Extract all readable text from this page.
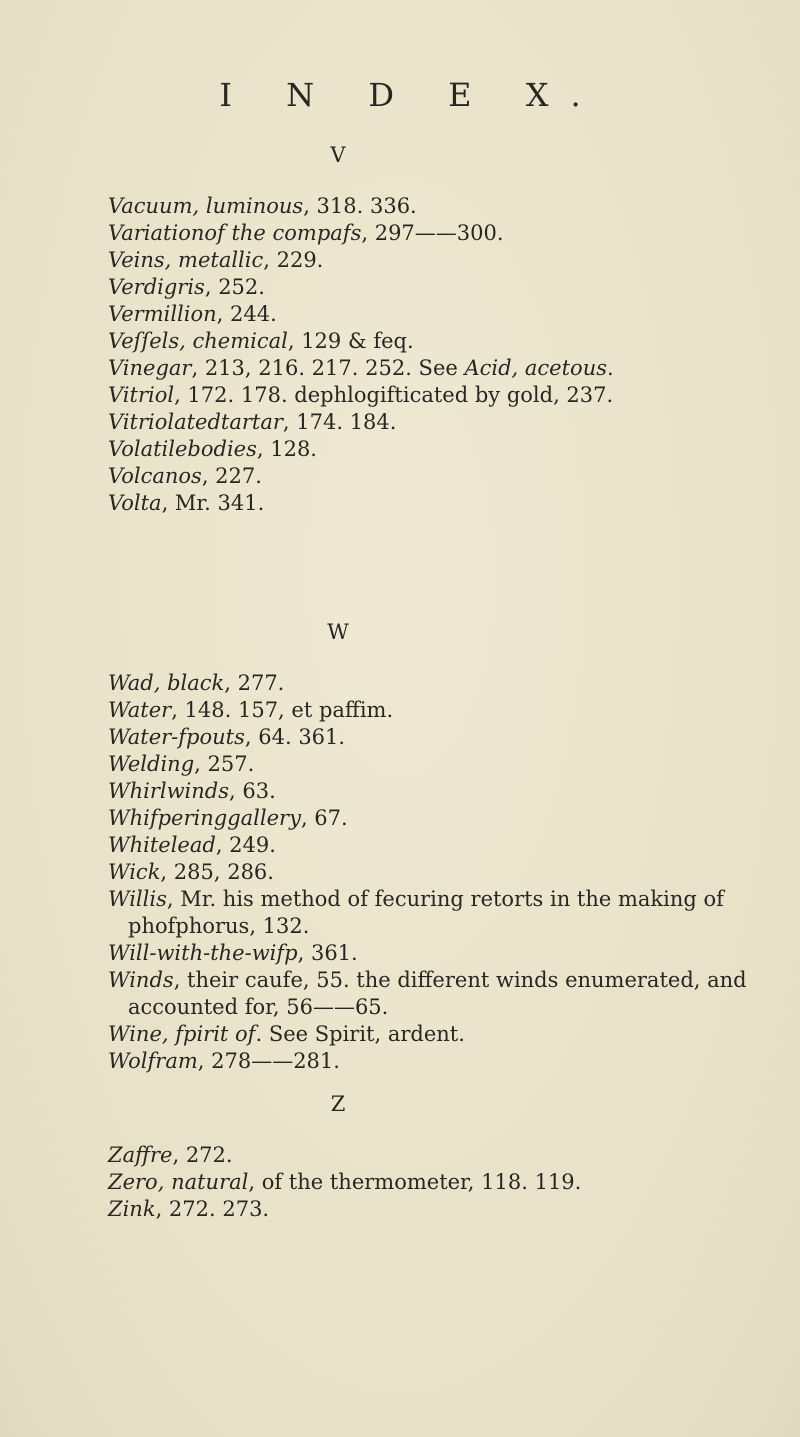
I N D E X.
V
Vacuum, luminous, 318. 336.
Variationof the compafs, 297——300.
Veins, metallic, 229.
Verdigris, 252.
Vermillion, 244.
Veſſels, chemical, 129 & feq.
Vinegar, 213, 216. 217. 252. See Acid, acetous.
Vitriol, 172. 178. dephlogifticated by gold, 237.
Vitriolatedtartar, 174. 184.
Volatilebodies, 128.
Volcanos, 227.
Volta, Mr. 341.
W
Wad, black, 277.
Water, 148. 157, et paffim.
Water-fpouts, 64. 361.
Welding, 257.
Whirlwinds, 63.
Whifperinggallery, 67.
Whitelead, 249.
Wick, 285, 286.
Willis, Mr. his method of fecuring retorts in the making of phofphorus, 132.
Will-with-the-wifp, 361.
Winds, their caufe, 55. the different winds enumerated, and accounted for, 56——65.
Wine, fpirit of. See Spirit, ardent.
Wolfram, 278——281.
Z
Zaffre, 272.
Zero, natural, of the thermometer, 118. 119.
Zink, 272. 273.
